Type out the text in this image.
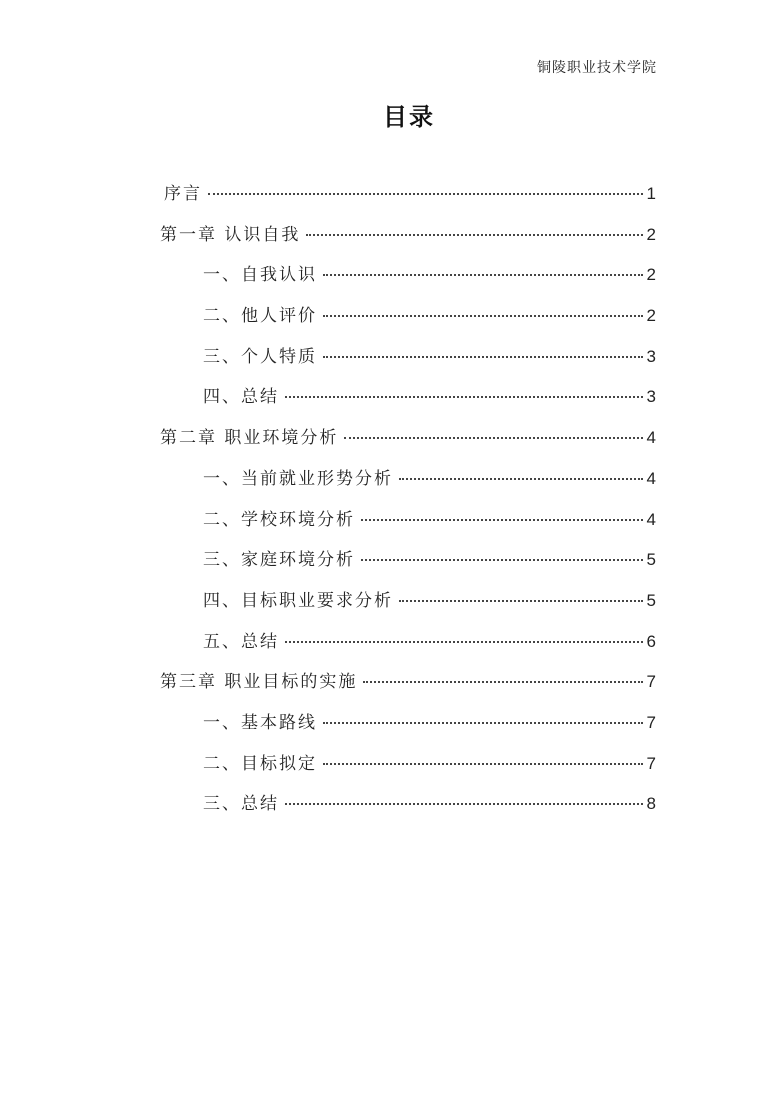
铜陵职业技术学院
目录
序言	1
第一章 认识自我	2
一、自我认识	2
二、他人评价	2
三、个人特质	3
四、总结	3
第二章 职业环境分析	4
一、当前就业形势分析	4
二、学校环境分析	4
三、家庭环境分析	5
四、目标职业要求分析	5
五、总结	6
第三章 职业目标的实施	7
一、基本路线	7
二、目标拟定	7
三、总结	8
